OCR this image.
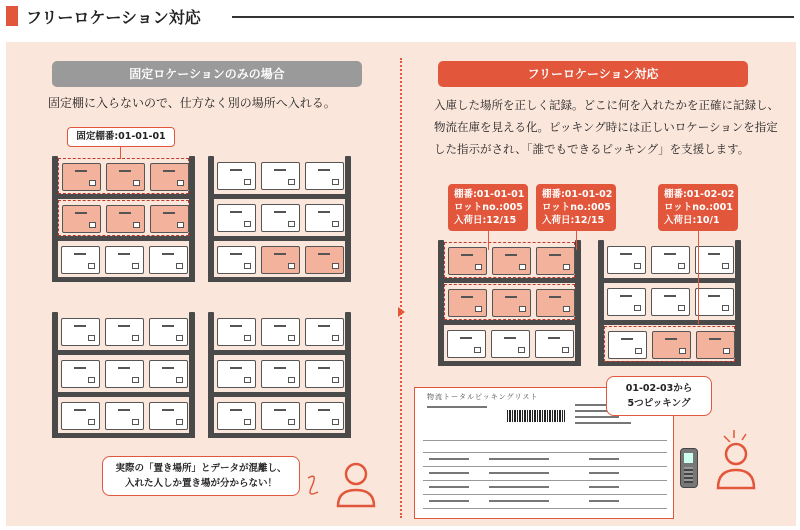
フリーロケーション対応
固定ロケーションのみの場合	フリーロケーション対応
固定棚に入らないので、仕方なく別の場所へ入れる。	入庫した場所を正しく記録。どこに何を入れたかを正確に記録し、物流在庫を見える化。ピッキング時には正しいロケーションを指定した指示がされ、「誰でもできるピッキング」を支援します。
固定棚番:01-01-01
実際の「置き場所」とデータが混離し、
入れた人しか置き場が分からない！
棚番:01-01-01
ロットno.:005
入荷日:12/15
棚番:01-01-02
ロットno.:005
入荷日:12/15
棚番:01-02-02
ロットno.:001
入荷日:10/1
物流トータルピッキングリスト
01-02-03から
5つピッキング
